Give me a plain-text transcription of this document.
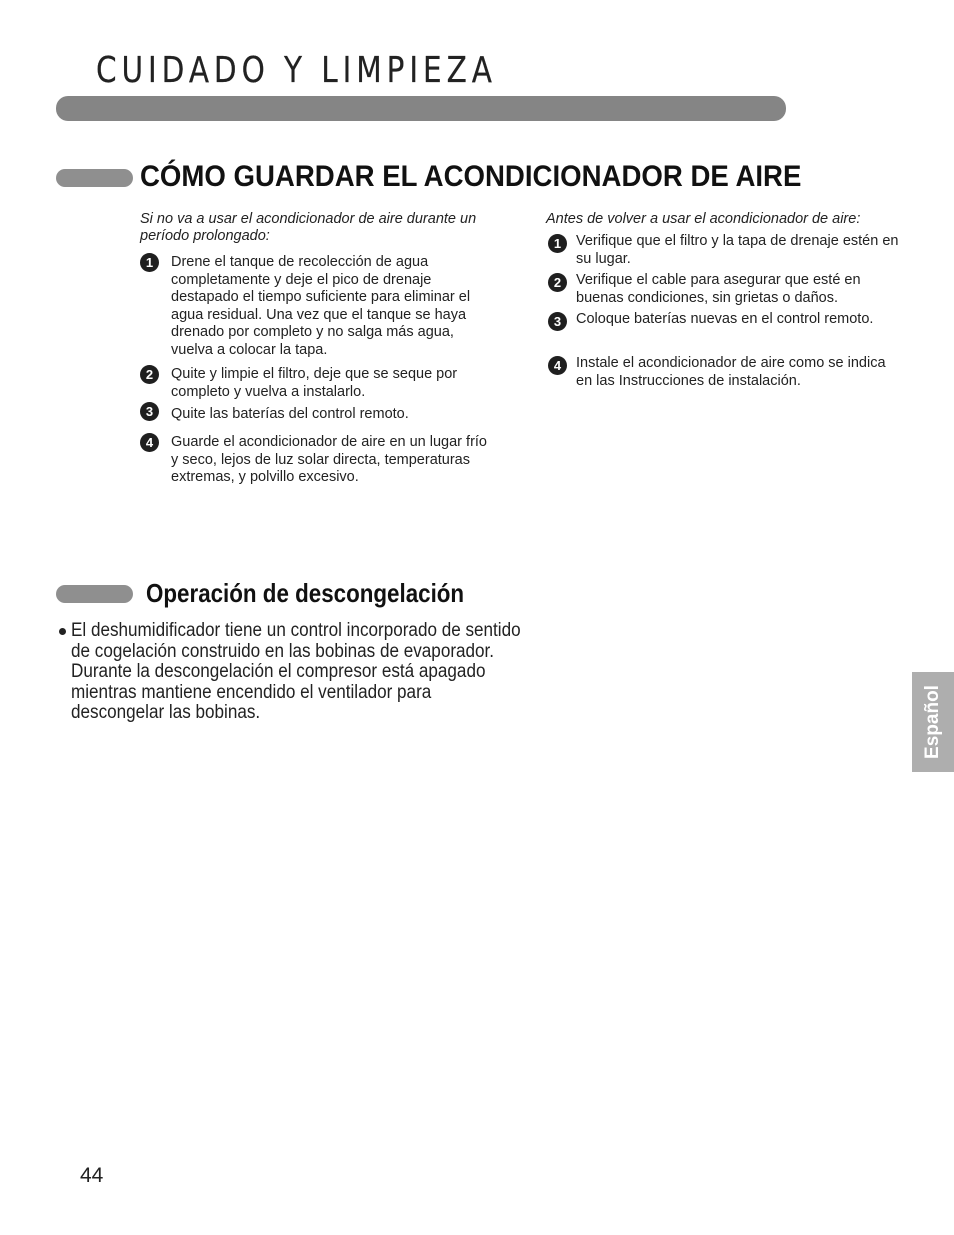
CUIDADO Y LIMPIEZA
CÓMO GUARDAR EL ACONDICIONADOR DE AIRE
Si no va a usar el acondicionador de aire durante un período prolongado:
1	Drene el tanque de recolección de agua completamente y deje el pico de drenaje destapado el tiempo suficiente para eliminar el agua residual. Una vez que el tanque se haya drenado por completo y no salga más agua, vuelva a colocar la tapa.
2	Quite y limpie el filtro, deje que se seque por completo y vuelva a instalarlo.
3	Quite las baterías del control remoto.
4	Guarde el acondicionador de aire en un lugar frío y seco, lejos de luz solar directa, temperaturas extremas, y polvillo excesivo.
Antes de volver a usar el acondicionador de aire:
1	Verifique que el filtro y la tapa de drenaje estén en su lugar.
2	Verifique el cable para asegurar que esté en buenas condiciones, sin grietas o daños.
3	Coloque baterías nuevas en el control remoto.
4	Instale el acondicionador de aire como se indica en las Instrucciones de instalación.
Operación de descongelación
El deshumidificador tiene un control incorporado de sentido de cogelación construido en las bobinas de evaporador. Durante la descongelación el compresor está apagado mientras mantiene encendido el ventilador para descongelar las bobinas.	Español
44
